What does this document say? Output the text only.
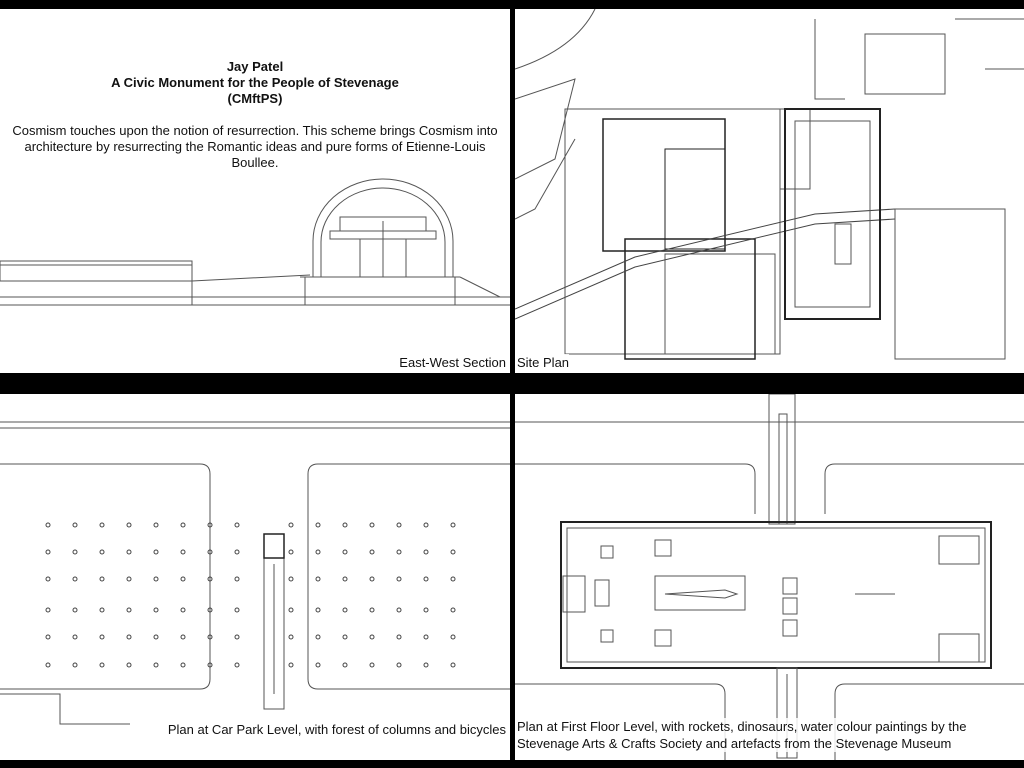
Jay Patel
A Civic Monument for the People of Stevenage
(CMftPS)
Cosmism touches upon the notion of resurrection. This scheme brings Cosmism into architecture by resurrecting the Romantic ideas and pure forms of Etienne-Louis Boullee.
East-West Section Site Plan
Plan at Car Park Level, with forest of columns and bicycles Plan at First Floor Level, with rockets, dinosaurs, water colour paintings by the
Stevenage Arts & Crafts Society and artefacts from the Stevenage Museum
